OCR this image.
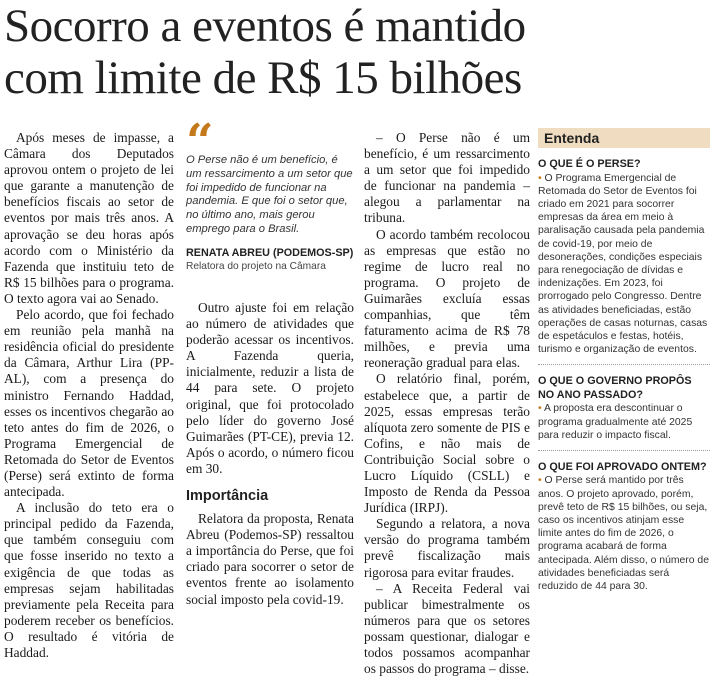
Socorro a eventos é mantido
com limite de R$ 15 bilhões

Após meses de impasse, a Câmara dos Deputados aprovou ontem o projeto de lei que garante a manutenção de benefícios fiscais ao setor de eventos por mais três anos. A aprovação se deu horas após acordo com o Ministério da Fazenda que instituiu teto de R$ 15 bilhões para o programa. O texto agora vai ao Senado.

Pelo acordo, que foi fechado em reunião pela manhã na residência oficial do presidente da Câmara, Arthur Lira (PP-AL), com a presença do ministro Fernando Haddad, esses os incentivos chegarão ao teto antes do fim de 2026, o Programa Emergencial de Retomada do Setor de Eventos (Perse) será extinto de forma antecipada.

A inclusão do teto era o principal pedido da Fazenda, que também conseguiu com que fosse inserido no texto a exigência de que todas as empresas sejam habilitadas previamente pela Receita para poderem receber os benefícios. O resultado é vitória de Haddad.

“
O Perse não é um benefício, é um ressarcimento a um setor que foi impedido de funcionar na pandemia. E que foi o setor que, no último ano, mais gerou emprego para o Brasil.
RENATA ABREU (PODEMOS-SP)
Relatora do projeto na Câmara

Outro ajuste foi em relação ao número de atividades que poderão acessar os incentivos. A Fazenda queria, inicialmente, reduzir a lista de 44 para sete. O projeto original, que foi protocolado pelo líder do governo José Guimarães (PT-CE), previa 12. Após o acordo, o número ficou em 30.

Importância

Relatora da proposta, Renata Abreu (Podemos-SP) ressaltou a importância do Perse, que foi criado para socorrer o setor de eventos frente ao isolamento social imposto pela covid-19.

– O Perse não é um benefício, é um ressarcimento a um setor que foi impedido de funcionar na pandemia – alegou a parlamentar na tribuna.

O acordo também recolocou as empresas que estão no regime de lucro real no programa. O projeto de Guimarães excluía essas companhias, que têm faturamento acima de R$ 78 milhões, e previa uma reoneração gradual para elas.

O relatório final, porém, estabelece que, a partir de 2025, essas empresas terão alíquota zero somente de PIS e Cofins, e não mais de Contribuição Social sobre o Lucro Líquido (CSLL) e Imposto de Renda da Pessoa Jurídica (IRPJ).

Segundo a relatora, a nova versão do programa também prevê fiscalização mais rigorosa para evitar fraudes.

– A Receita Federal vai publicar bimestralmente os números para que os setores possam questionar, dialogar e todos possamos acompanhar os passos do programa – disse.

Entenda
O QUE É O PERSE?
• O Programa Emergencial de Retomada do Setor de Eventos foi criado em 2021 para socorrer empresas da área em meio à paralisação causada pela pandemia de covid-19, por meio de desonerações, condições especiais para renegociação de dívidas e indenizações. Em 2023, foi prorrogado pelo Congresso. Dentre as atividades beneficiadas, estão operações de casas noturnas, casas de espetáculos e festas, hotéis, turismo e organização de eventos.
O QUE O GOVERNO PROPÔS NO ANO PASSADO?
• A proposta era descontinuar o programa gradualmente até 2025 para reduzir o impacto fiscal.
O QUE FOI APROVADO ONTEM?
• O Perse será mantido por três anos. O projeto aprovado, porém, prevê teto de R$ 15 bilhões, ou seja, caso os incentivos atinjam esse limite antes do fim de 2026, o programa acabará de forma antecipada. Além disso, o número de atividades beneficiadas será reduzido de 44 para 30.
